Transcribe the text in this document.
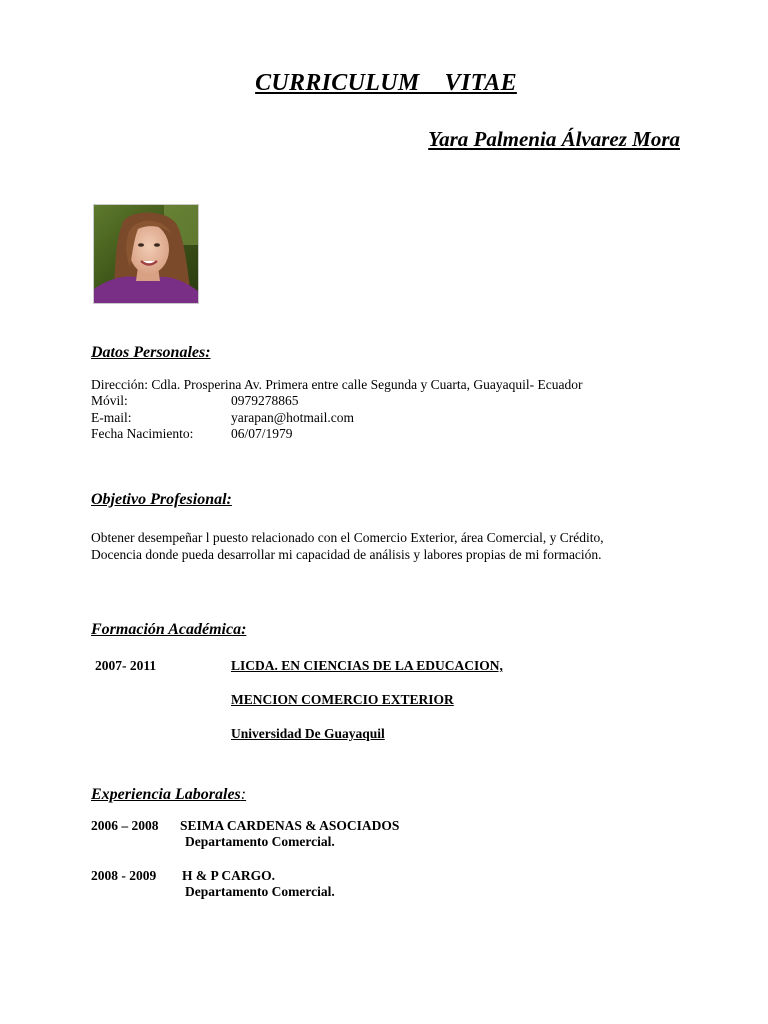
CURRICULUM    VITAE
Yara Palmenia Álvarez Mora
Datos Personales:
Dirección: Cdla. Prosperina Av. Primera entre calle Segunda y Cuarta, Guayaquil- Ecuador
Móvil:	0979278865
E-mail:	yarapan@hotmail.com
Fecha Nacimiento:	06/07/1979
Objetivo Profesional:
Obtener desempeñar l puesto relacionado con el Comercio Exterior, área Comercial, y Crédito,
Docencia donde pueda desarrollar mi capacidad de análisis y labores propias de mi formación.
Formación Académica:
2007- 2011	LICDA. EN CIENCIAS DE LA EDUCACION,
MENCION COMERCIO EXTERIOR
Universidad De Guayaquil
Experiencia Laborales:
2006 – 2008 SEIMA CARDENAS & ASOCIADOS
Departamento Comercial.
2008 - 2009 H & P CARGO.
Departamento Comercial.
